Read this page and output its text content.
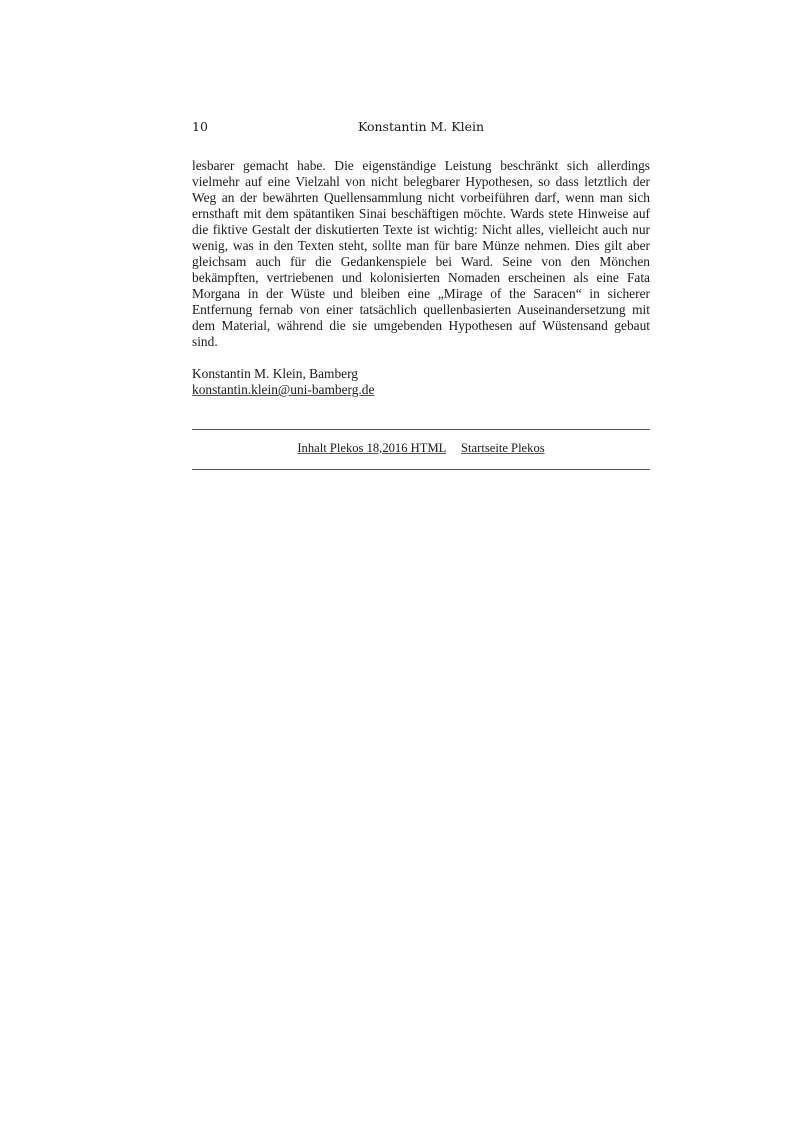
10	Konstantin M. Klein

lesbarer gemacht habe. Die eigenständige Leistung beschränkt sich allerdings vielmehr auf eine Vielzahl von nicht belegbarer Hypothesen, so dass letztlich der Weg an der bewährten Quellensammlung nicht vorbeiführen darf, wenn man sich ernsthaft mit dem spätantiken Sinai beschäftigen möchte. Wards stete Hinweise auf die fiktive Gestalt der diskutierten Texte ist wichtig: Nicht alles, vielleicht auch nur wenig, was in den Texten steht, sollte man für bare Münze nehmen. Dies gilt aber gleichsam auch für die Gedankenspiele bei Ward. Seine von den Mönchen bekämpften, vertriebenen und kolonisierten Nomaden erscheinen als eine Fata Morgana in der Wüste und bleiben eine „Mirage of the Saracen“ in sicherer Entfernung fernab von einer tatsächlich quellenbasierten Auseinandersetzung mit dem Material, während die sie umgebenden Hypothesen auf Wüstensand gebaut sind.

Konstantin M. Klein, Bamberg
konstantin.klein@uni-bamberg.de
Inhalt Plekos 18,2016 HTML Startseite Plekos
